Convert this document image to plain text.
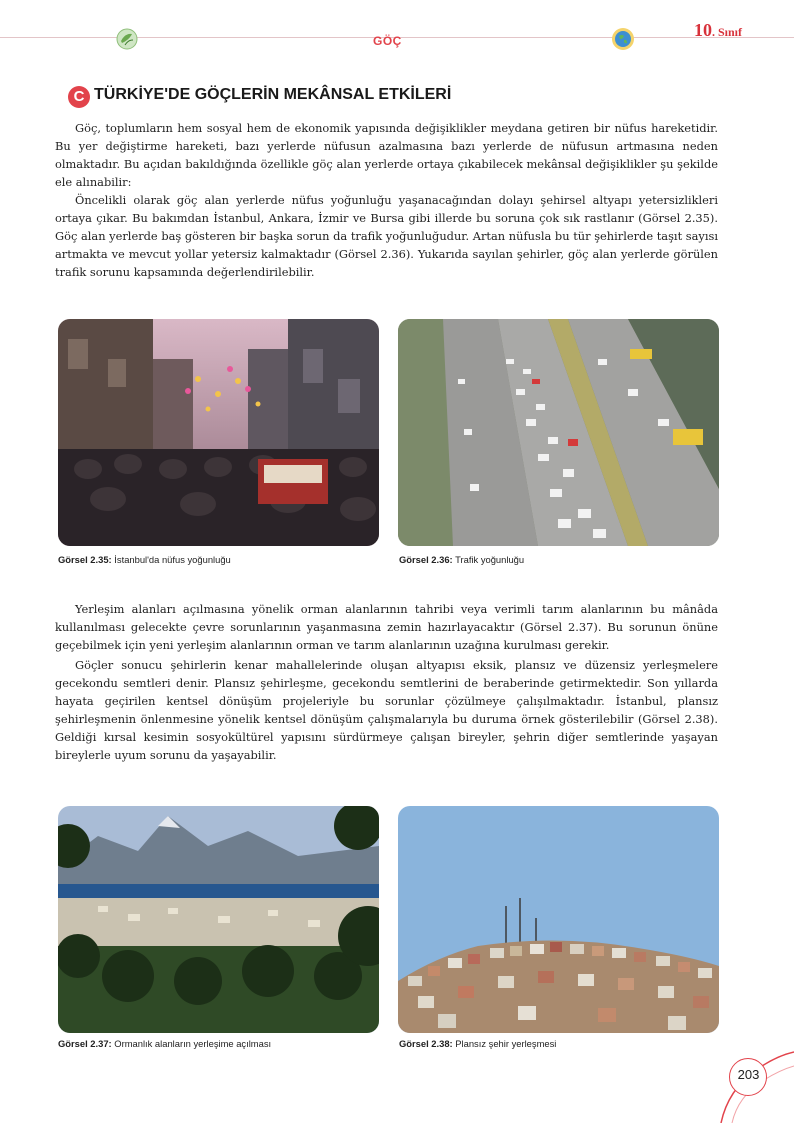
GÖÇ
10. Sınıf
C TÜRKİYE'DE GÖÇLERİN MEKÂNSAL ETKİLERİ

Göç, toplumların hem sosyal hem de ekonomik yapısında değişiklikler meydana getiren bir nüfus hareketidir. Bu yer değiştirme hareketi, bazı yerlerde nüfusun azalmasına bazı yerlerde de nüfusun artmasına neden olmaktadır. Bu açıdan bakıldığında özellikle göç alan yerlerde ortaya çıkabilecek mekânsal değişiklikler şu şekilde ele alınabilir:

Öncelikli olarak göç alan yerlerde nüfus yoğunluğu yaşanacağından dolayı şehirsel altyapı yetersizlikleri ortaya çıkar. Bu bakımdan İstanbul, Ankara, İzmir ve Bursa gibi illerde bu soruna çok sık rastlanır (Görsel 2.35). Göç alan yerlerde baş gösteren bir başka sorun da trafik yoğunluğudur. Artan nüfusla bu tür şehirlerde taşıt sayısı artmakta ve mevcut yollar yetersiz kalmaktadır (Görsel 2.36). Yukarıda sayılan şehirler, göç alan yerlerde görülen trafik sorunu kapsamında değerlendirilebilir.

Görsel 2.35: İstanbul'da nüfus yoğunluğu	Görsel 2.36: Trafik yoğunluğu

Yerleşim alanları açılmasına yönelik orman alanlarının tahribi veya verimli tarım alanlarının bu mânâda kullanılması gelecekte çevre sorunlarının yaşanmasına zemin hazırlayacaktır (Görsel 2.37). Bu sorunun önüne geçebilmek için yeni yerleşim alanlarının orman ve tarım alanlarının uzağına kurulması gerekir.

Göçler sonucu şehirlerin kenar mahallelerinde oluşan altyapısı eksik, plansız ve düzensiz yerleşmelere gecekondu semtleri denir. Plansız şehirleşme, gecekondu semtlerini de beraberinde getirmektedir. Son yıllarda hayata geçirilen kentsel dönüşüm projeleriyle bu sorunlar çözülmeye çalışılmaktadır. İstanbul, plansız şehirleşmenin önlenmesine yönelik kentsel dönüşüm çalışmalarıyla bu duruma örnek gösterilebilir (Görsel 2.38). Geldiği kırsal kesimin sosyokültürel yapısını sürdürmeye çalışan bireyler, şehrin diğer semtlerinde yaşayan bireylerle uyum sorunu da yaşayabilir.

Görsel 2.37: Ormanlık alanların yerleşime açılması	Görsel 2.38: Plansız şehir yerleşmesi
203
